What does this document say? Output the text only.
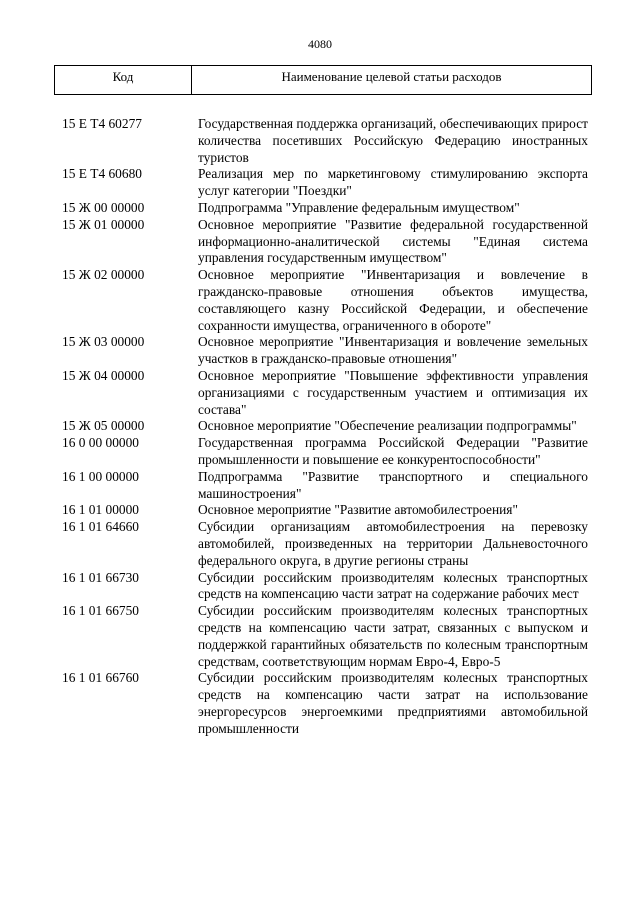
4080
Код	Наименование целевой статьи расходов
15 Е Т4 60277	Государственная поддержка организаций, обеспечивающих прирост количества посетивших Российскую Федерацию иностранных туристов
15 Е Т4 60680	Реализация мер по маркетинговому стимулированию экспорта услуг категории "Поездки"
15 Ж 00 00000	Подпрограмма "Управление федеральным имуществом"
15 Ж 01 00000	Основное мероприятие "Развитие федеральной государственной информационно-аналитической системы "Единая система управления государственным имуществом"
15 Ж 02 00000	Основное мероприятие "Инвентаризация и вовлечение в гражданско-правовые отношения объектов имущества, составляющего казну Российской Федерации, и обеспечение сохранности имущества, ограниченного в обороте"
15 Ж 03 00000	Основное мероприятие "Инвентаризация и вовлечение земельных участков в гражданско-правовые отношения"
15 Ж 04 00000	Основное мероприятие "Повышение эффективности управления организациями с государственным участием и оптимизация их состава"
15 Ж 05 00000	Основное мероприятие "Обеспечение реализации подпрограммы"
16 0 00 00000	Государственная программа Российской Федерации "Развитие промышленности и повышение ее конкурентоспособности"
16 1 00 00000	Подпрограмма "Развитие транспортного и специального машиностроения"
16 1 01 00000	Основное мероприятие "Развитие автомобилестроения"
16 1 01 64660	Субсидии организациям автомобилестроения на перевозку автомобилей, произведенных на территории Дальневосточного федерального округа, в другие регионы страны
16 1 01 66730	Субсидии российским производителям колесных транспортных средств на компенсацию части затрат на содержание рабочих мест
16 1 01 66750	Субсидии российским производителям колесных транспортных средств на компенсацию части затрат, связанных с выпуском и поддержкой гарантийных обязательств по колесным транспортным средствам, соответствующим нормам Евро-4, Евро-5
16 1 01 66760	Субсидии российским производителям колесных транспортных средств на компенсацию части затрат на использование энергоресурсов энергоемкими предприятиями автомобильной промышленности
